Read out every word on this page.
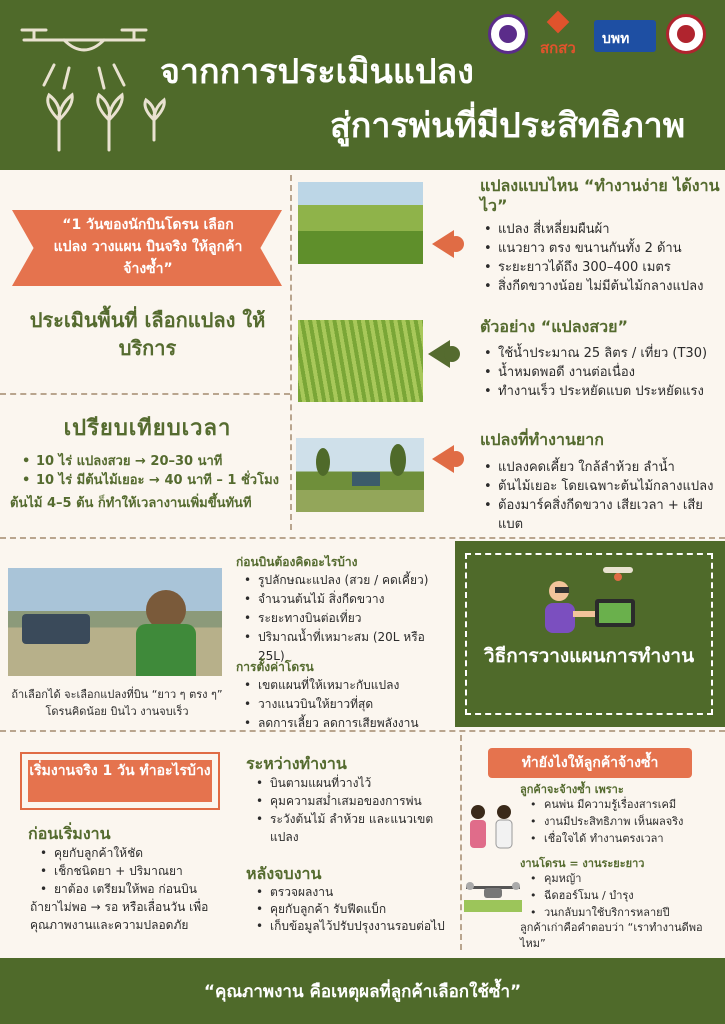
จากการประเมินแปลง
สู่การพ่นที่มีประสิทธิภาพ
สกสว บพท
“1 วันของนักบินโดรน เลือกแปลง วางแผน บินจริง ให้ลูกค้าจ้างซ้ำ”
ประเมินพื้นที่ เลือกแปลง ให้บริการ
เปรียบเทียบเวลา
• 10 ไร่ แปลงสวย → 20–30 นาที
• 10 ไร่ มีต้นไม้เยอะ → 40 นาที – 1 ชั่วโมง
ต้นไม้ 4–5 ต้น ก็ทำให้เวลางานเพิ่มขึ้นทันที
แปลงแบบไหน “ทำงานง่าย ได้งานไว”
• แปลง สี่เหลี่ยมผืนผ้า
• แนวยาว ตรง ขนานกันทั้ง 2 ด้าน
• ระยะยาวได้ถึง 300–400 เมตร
• สิ่งกีดขวางน้อย ไม่มีต้นไม้กลางแปลง
ตัวอย่าง “แปลงสวย”
• ใช้น้ำประมาณ 25 ลิตร / เที่ยว (T30)
• น้ำหมดพอดี งานต่อเนื่อง
• ทำงานเร็ว ประหยัดแบต ประหยัดแรง
แปลงที่ทำงานยาก
• แปลงคดเคี้ยว ใกล้ลำห้วย ลำน้ำ
• ต้นไม้เยอะ โดยเฉพาะต้นไม้กลางแปลง
• ต้องมาร์คสิ่งกีดขวาง เสียเวลา + เสียแบต
ถ้าเลือกได้ จะเลือกแปลงที่บิน “ยาว ๆ ตรง ๆ” โดรนคิดน้อย บินไว งานจบเร็ว
ก่อนบินต้องคิดอะไรบ้าง
• รูปลักษณะแปลง (สวย / คดเคี้ยว)
• จำนวนต้นไม้ สิ่งกีดขวาง
• ระยะทางบินต่อเที่ยว
• ปริมาณน้ำที่เหมาะสม (20L หรือ 25L)
การตั้งค่าโดรน
• เขตแผนที่ให้เหมาะกับแปลง
• วางแนวบินให้ยาวที่สุด
• ลดการเลี้ยว ลดการเสียพลังงาน
วิธีการวางแผนการทำงาน
เริ่มงานจริง 1 วัน ทำอะไรบ้าง
ก่อนเริ่มงาน
• คุยกับลูกค้าให้ชัด
• เช็กชนิดยา + ปริมาณยา
• ยาต้อง เตรียมให้พอ ก่อนบิน
ถ้ายาไม่พอ → รอ หรือเลื่อนวัน เพื่อคุณภาพงานและความปลอดภัย
ระหว่างทำงาน
• บินตามแผนที่วางไว้
• คุมความสม่ำเสมอของการพ่น
• ระวังต้นไม้ ลำห้วย และแนวเขตแปลง
หลังจบงาน
• ตรวจผลงาน
• คุยกับลูกค้า รับฟีดแบ็ก
• เก็บข้อมูลไว้ปรับปรุงงานรอบต่อไป
ทำยังไงให้ลูกค้าจ้างซ้ำ
ลูกค้าจะจ้างซ้ำ เพราะ
• คนพ่น มีความรู้เรื่องสารเคมี
• งานมีประสิทธิภาพ เห็นผลจริง
• เชื่อใจได้ ทำงานตรงเวลา
งานโดรน = งานระยะยาว
• คุมหญ้า
• ฉีดฮอร์โมน / บำรุง
• วนกลับมาใช้บริการหลายปี
ลูกค้าเก่าคือคำตอบว่า “เราทำงานดีพอไหม”
“คุณภาพงาน คือเหตุผลที่ลูกค้าเลือกใช้ซ้ำ”
